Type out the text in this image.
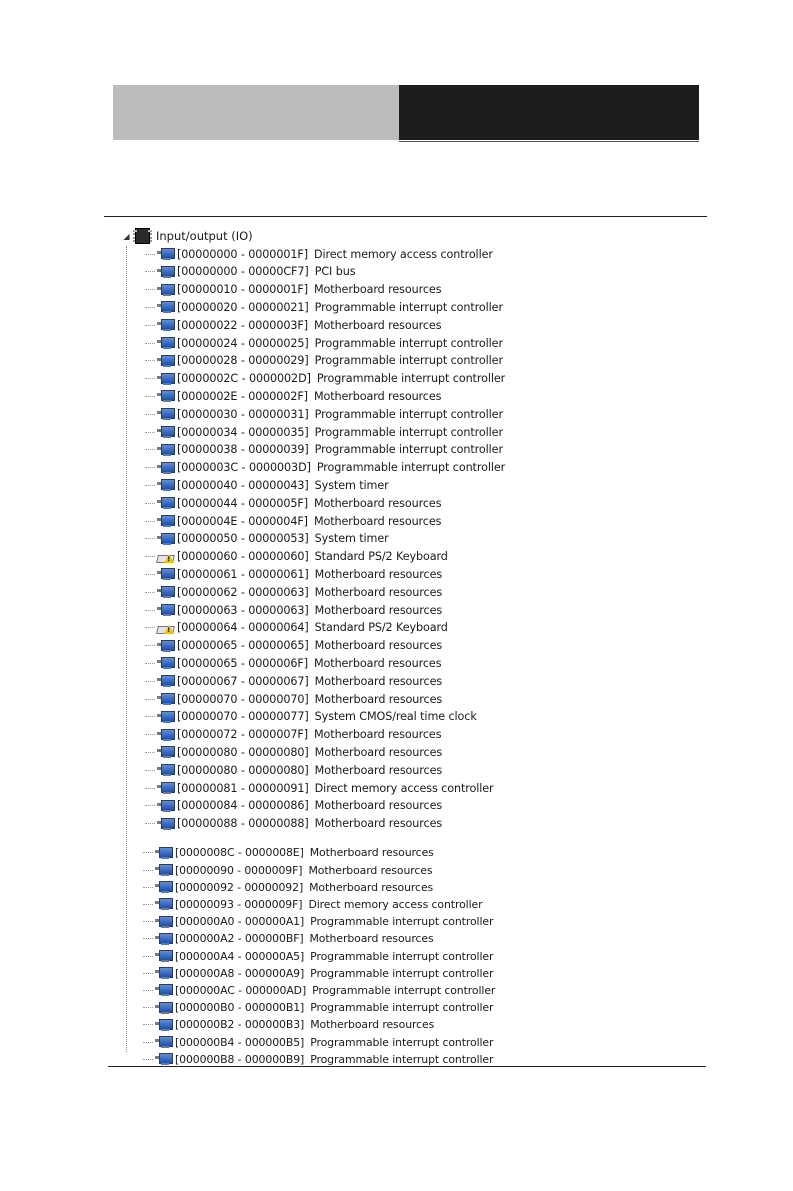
◢ Input/output (IO)
[00000000 - 0000001F] Direct memory access controller
[00000000 - 00000CF7] PCI bus
[00000010 - 0000001F] Motherboard resources
[00000020 - 00000021] Programmable interrupt controller
[00000022 - 0000003F] Motherboard resources
[00000024 - 00000025] Programmable interrupt controller
[00000028 - 00000029] Programmable interrupt controller
[0000002C - 0000002D] Programmable interrupt controller
[0000002E - 0000002F] Motherboard resources
[00000030 - 00000031] Programmable interrupt controller
[00000034 - 00000035] Programmable interrupt controller
[00000038 - 00000039] Programmable interrupt controller
[0000003C - 0000003D] Programmable interrupt controller
[00000040 - 00000043] System timer
[00000044 - 0000005F] Motherboard resources
[0000004E - 0000004F] Motherboard resources
[00000050 - 00000053] System timer
! [00000060 - 00000060] Standard PS/2 Keyboard
[00000061 - 00000061] Motherboard resources
[00000062 - 00000063] Motherboard resources
[00000063 - 00000063] Motherboard resources
! [00000064 - 00000064] Standard PS/2 Keyboard
[00000065 - 00000065] Motherboard resources
[00000065 - 0000006F] Motherboard resources
[00000067 - 00000067] Motherboard resources
[00000070 - 00000070] Motherboard resources
[00000070 - 00000077] System CMOS/real time clock
[00000072 - 0000007F] Motherboard resources
[00000080 - 00000080] Motherboard resources
[00000080 - 00000080] Motherboard resources
[00000081 - 00000091] Direct memory access controller
[00000084 - 00000086] Motherboard resources
[00000088 - 00000088] Motherboard resources
[0000008C - 0000008E] Motherboard resources
[00000090 - 0000009F] Motherboard resources
[00000092 - 00000092] Motherboard resources
[00000093 - 0000009F] Direct memory access controller
[000000A0 - 000000A1] Programmable interrupt controller
[000000A2 - 000000BF] Motherboard resources
[000000A4 - 000000A5] Programmable interrupt controller
[000000A8 - 000000A9] Programmable interrupt controller
[000000AC - 000000AD] Programmable interrupt controller
[000000B0 - 000000B1] Programmable interrupt controller
[000000B2 - 000000B3] Motherboard resources
[000000B4 - 000000B5] Programmable interrupt controller
[000000B8 - 000000B9] Programmable interrupt controller
